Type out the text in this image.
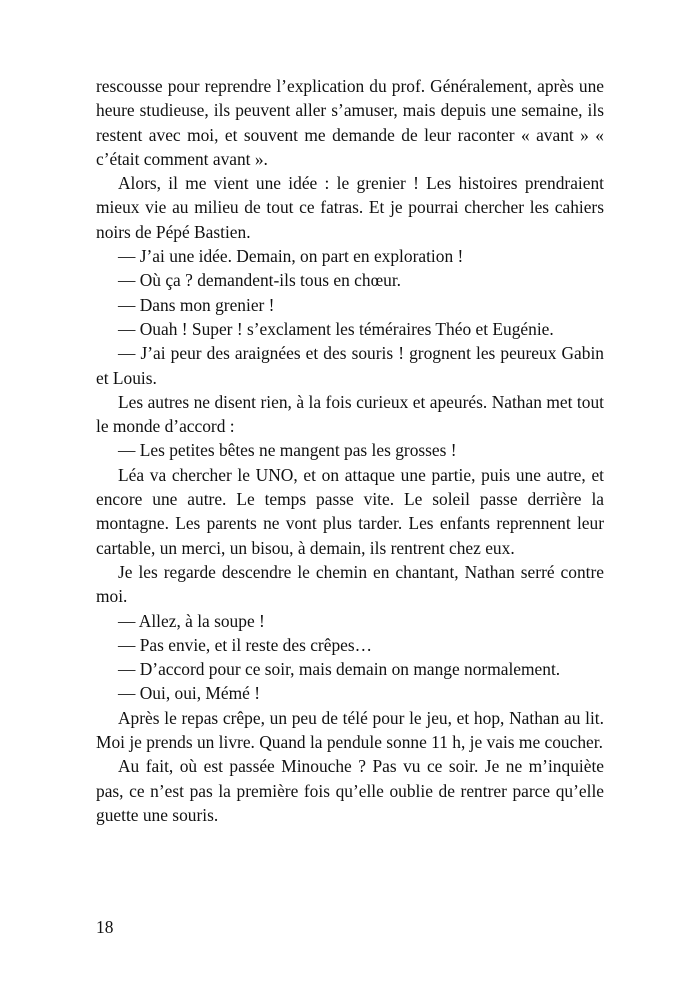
rescousse pour reprendre l’explication du prof. Généralement, après une heure studieuse, ils peuvent aller s’amuser, mais depuis une semaine, ils restent avec moi, et souvent me demande de leur raconter « avant » « c’était comment avant ».

Alors, il me vient une idée : le grenier ! Les histoires prendraient mieux vie au milieu de tout ce fatras. Et je pourrai chercher les cahiers noirs de Pépé Bastien.

— J’ai une idée. Demain, on part en exploration !

— Où ça ? demandent-ils tous en chœur.

— Dans mon grenier !

— Ouah ! Super ! s’exclament les téméraires Théo et Eugénie.

— J’ai peur des araignées et des souris ! grognent les peureux Gabin et Louis.

Les autres ne disent rien, à la fois curieux et apeurés. Nathan met tout le monde d’accord :

— Les petites bêtes ne mangent pas les grosses !

Léa va chercher le UNO, et on attaque une partie, puis une autre, et encore une autre. Le temps passe vite. Le soleil passe derrière la montagne. Les parents ne vont plus tarder. Les enfants reprennent leur cartable, un merci, un bisou, à demain, ils rentrent chez eux.

Je les regarde descendre le chemin en chantant, Nathan serré contre moi.

— Allez, à la soupe !

— Pas envie, et il reste des crêpes…

— D’accord pour ce soir, mais demain on mange normalement.

— Oui, oui, Mémé !

Après le repas crêpe, un peu de télé pour le jeu, et hop, Nathan au lit. Moi je prends un livre. Quand la pendule sonne 11 h, je vais me coucher.

Au fait, où est passée Minouche ? Pas vu ce soir. Je ne m’inquiète pas, ce n’est pas la première fois qu’elle oublie de rentrer parce qu’elle guette une souris.

18
